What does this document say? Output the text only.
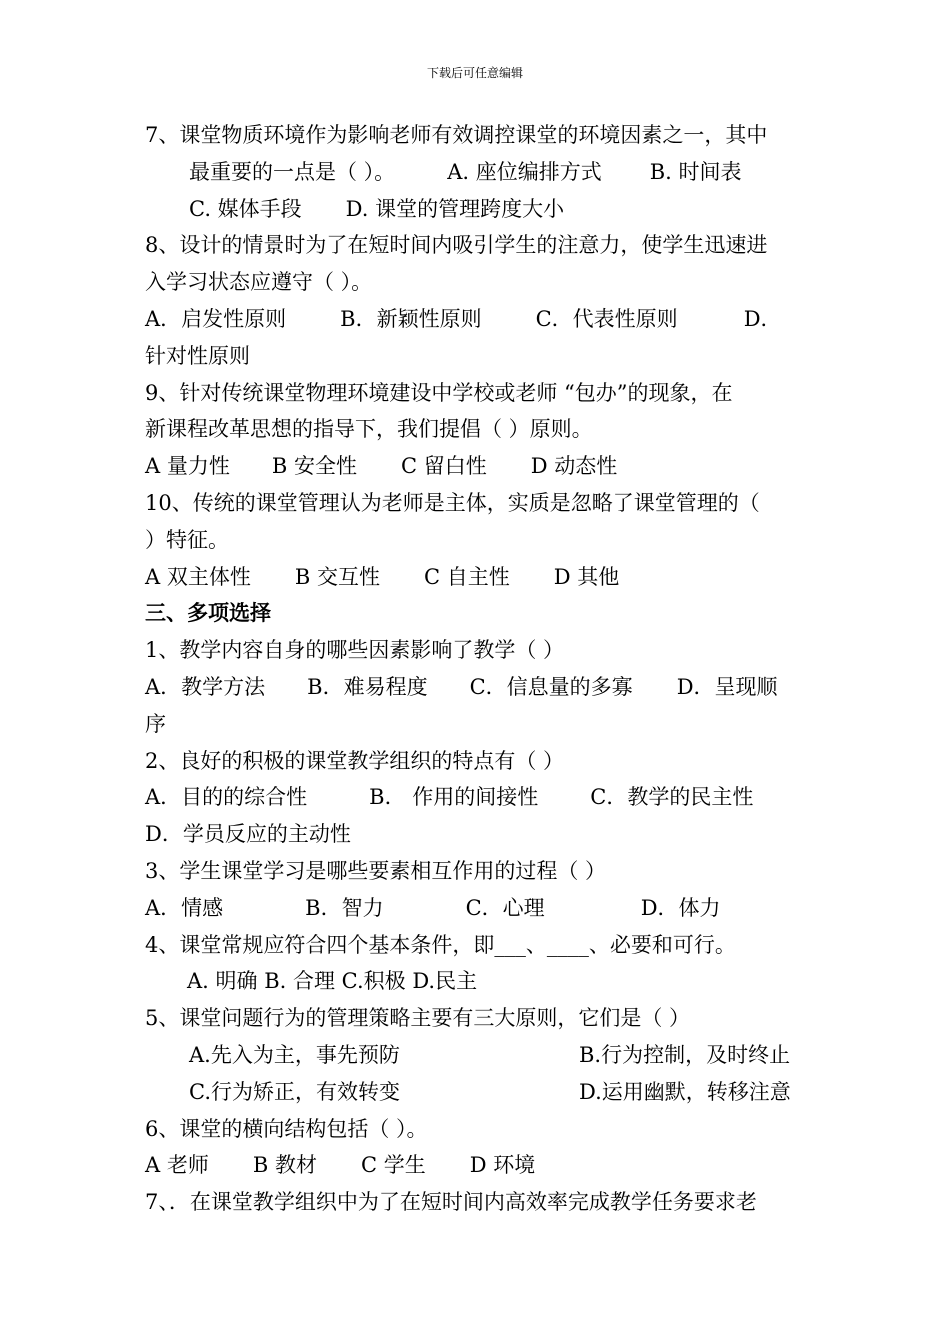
下载后可任意编辑
7、课堂物质环境作为影响老师有效调控课堂的环境因素之一，其中
最重要的一点是（ ）。 A. 座位编排方式 B. 时间表
C. 媒体手段 D. 课堂的管理跨度大小
8、设计的情景时为了在短时间内吸引学生的注意力，使学生迅速进
入学习状态应遵守（ ）。
A．启发性原则	B．新颖性原则	C．代表性原则	D．
针对性原则
9、针对传统课堂物理环境建设中学校或老师 “包办”的现象，在
新课程改革思想的指导下，我们提倡（ ）原则。
A 量力性 B 安全性 C 留白性 D 动态性
10、传统的课堂管理认为老师是主体，实质是忽略了课堂管理的（
）特征。
A 双主体性 B 交互性 C 自主性 D 其他
三、多项选择
1、教学内容自身的哪些因素影响了教学（ ）
A．教学方法 B．难易程度 C．信息量的多寡 D．呈现顺
序
2、良好的积极的课堂教学组织的特点有（ ）
A．目的的综合性	B． 作用的间接性 C．教学的民主性
D．学员反应的主动性
3、学生课堂学习是哪些要素相互作用的过程（ ）
A．情感	B．智力	C．心理	D．体力
4、课堂常规应符合四个基本条件，即___、____、必要和可行。
A. 明确 B. 合理 C.积极 D.民主
5、课堂问题行为的管理策略主要有三大原则，它们是（ ）
A.先入为主，事先预防	B.行为控制，及时终止
C.行为矫正，有效转变	D.运用幽默，转移注意
6、课堂的横向结构包括（ ）。
A 老师 B 教材 C 学生 D 环境
7、．在课堂教学组织中为了在短时间内高效率完成教学任务要求老
